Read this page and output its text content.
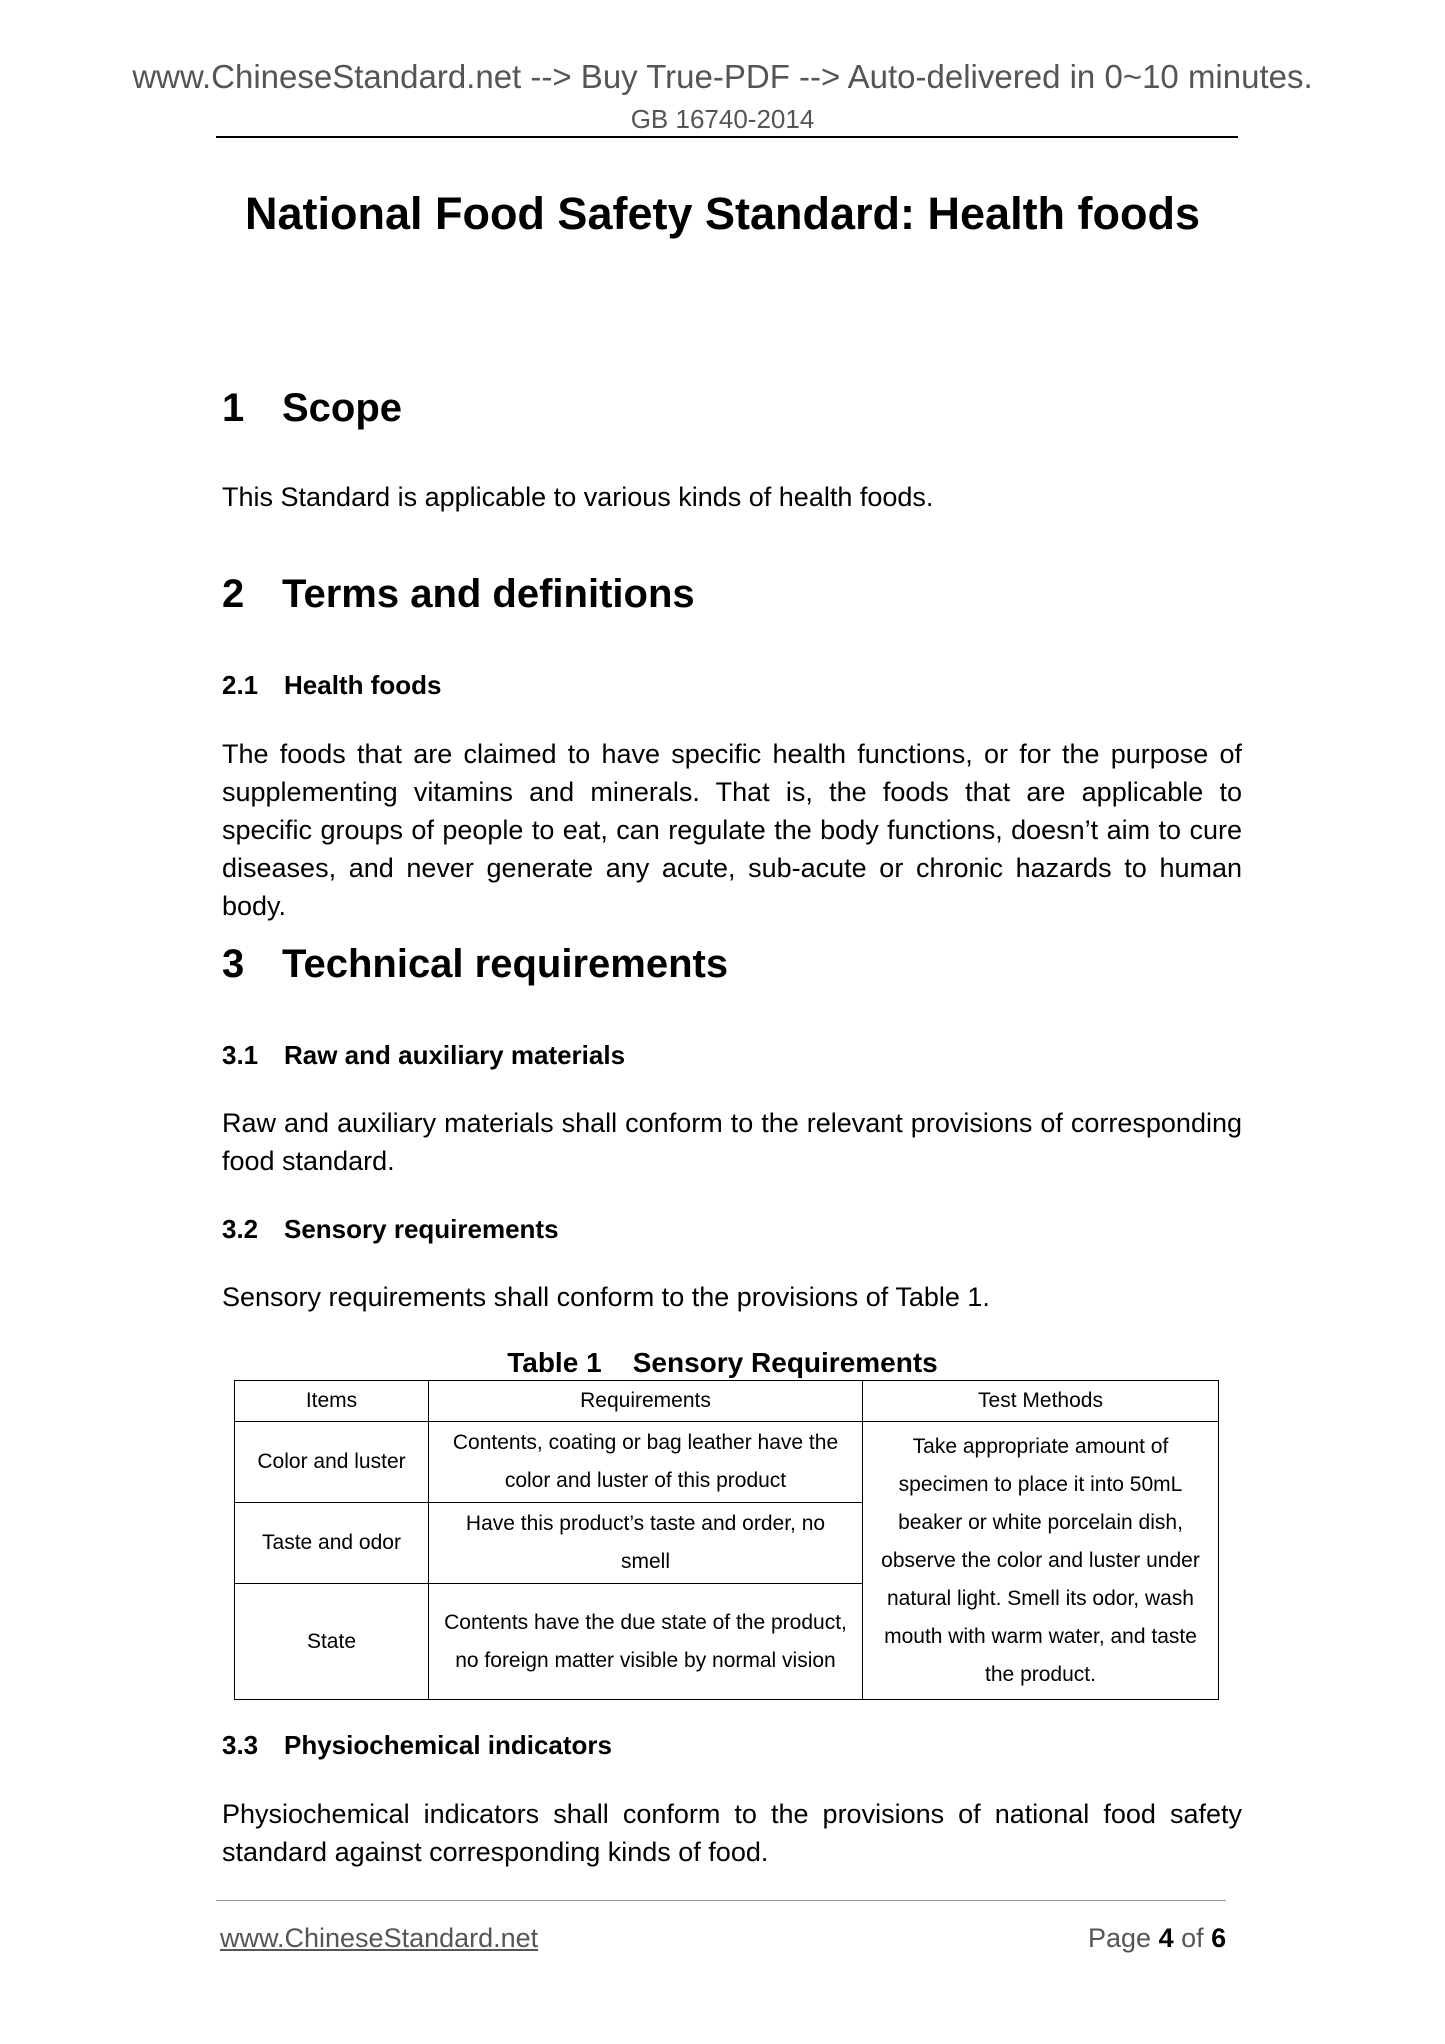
www.ChineseStandard.net --> Buy True-PDF --> Auto-delivered in 0~10 minutes.
GB 16740-2014
National Food Safety Standard: Health foods
1 Scope
This Standard is applicable to various kinds of health foods.
2 Terms and definitions
2.1 Health foods
The foods that are claimed to have specific health functions, or for the purpose of supplementing vitamins and minerals. That is, the foods that are applicable to specific groups of people to eat, can regulate the body functions, doesn’t aim to cure diseases, and never generate any acute, sub-acute or chronic hazards to human body.
3 Technical requirements
3.1 Raw and auxiliary materials
Raw and auxiliary materials shall conform to the relevant provisions of corresponding food standard.
3.2 Sensory requirements
Sensory requirements shall conform to the provisions of Table 1.
Table 1    Sensory Requirements
Items	Requirements	Test Methods
Color and luster	Contents, coating or bag leather have the color and luster of this product	Take appropriate amount of specimen to place it into 50mL beaker or white porcelain dish, observe the color and luster under natural light. Smell its odor, wash mouth with warm water, and taste the product.
Taste and odor	Have this product’s taste and order, no smell	
State	Contents have the due state of the product, no foreign matter visible by normal vision	
3.3 Physiochemical indicators
Physiochemical indicators shall conform to the provisions of national food safety standard against corresponding kinds of food.
www.ChineseStandard.net	Page 4 of 6
